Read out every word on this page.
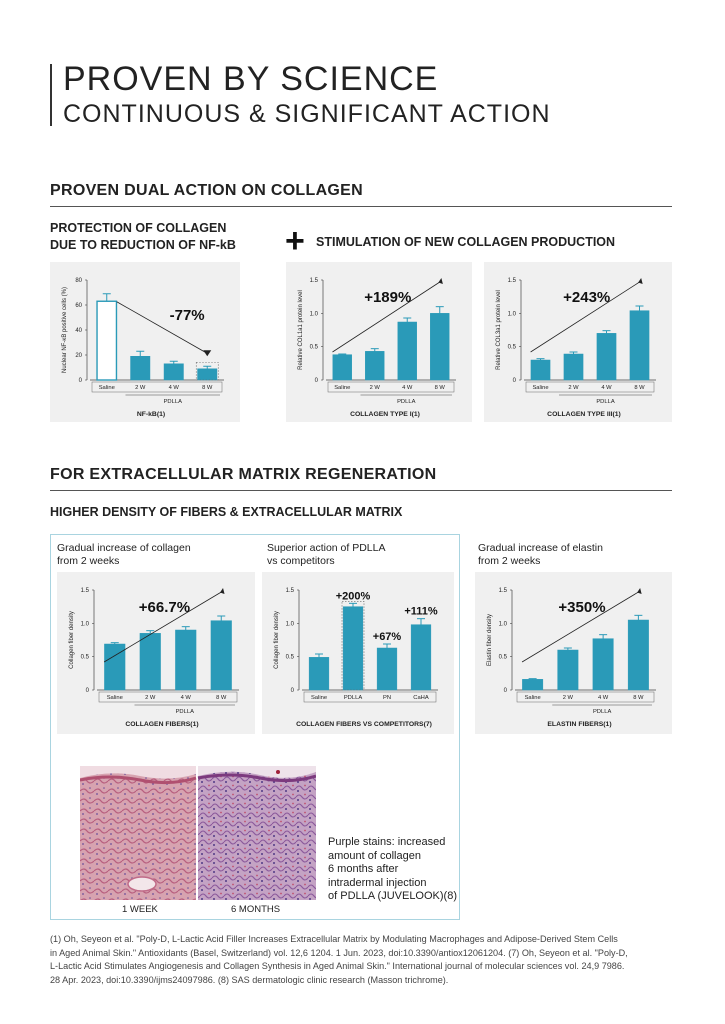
PROVEN BY SCIENCE
CONTINUOUS & SIGNIFICANT ACTION
PROVEN DUAL ACTION ON COLLAGEN
PROTECTION OF COLLAGEN
DUE TO REDUCTION OF NF-kB + STIMULATION OF NEW COLLAGEN PRODUCTION
Nuclear NF-κB positive cells (%)
0
20
40
60
80
Saline	2 W	4 W	8 W
PDLLA
NF-kB(1)
-77%	Relative COL1a1 protein level
0
0.5
1.0
1.5
Saline	2 W	4 W	8 W
PDLLA
COLLAGEN TYPE I(1)
+189%	Relative COL3a1 protein level
0
0.5
1.0
1.5
Saline	2 W	4 W	8 W
PDLLA
COLLAGEN TYPE III(1)
+243%
FOR EXTRACELLULAR MATRIX REGENERATION
HIGHER DENSITY OF FIBERS & EXTRACELLULAR MATRIX
Gradual increase of collagen
from 2 weeks
Superior action of PDLLA
vs competitors
Gradual increase of elastin
from 2 weeks
Collagen fiber density
0
0.5
1.0
1.5
Saline	2 W	4 W	8 W
PDLLA
COLLAGEN FIBERS(1)
+66.7%
Collagen fiber density
0
0.5
1.0
1.5
Saline	PDLLA	PN	CaHA
COLLAGEN FIBERS VS COMPETITORS(7)
+200%
+67%
+111%
Elastin fiber density
0
0.5
1.0
1.5
Saline	2 W	4 W	8 W
PDLLA
ELASTIN FIBERS(1)
+350%
1 WEEK	6 MONTHS
Purple stains: increased
amount of collagen
6 months after
intradermal injection
of PDLLA (JUVELOOK)(8)
(1) Oh, Seyeon et al. "Poly-D, L-Lactic Acid Filler Increases Extracellular Matrix by Modulating Macrophages and Adipose-Derived Stem Cells
in Aged Animal Skin." Antioxidants (Basel, Switzerland) vol. 12,6 1204. 1 Jun. 2023, doi:10.3390/antiox12061204. (7) Oh, Seyeon et al. "Poly-D,
L-Lactic Acid Stimulates Angiogenesis and Collagen Synthesis in Aged Animal Skin." International journal of molecular sciences vol. 24,9 7986.
28 Apr. 2023, doi:10.3390/ijms24097986. (8) SAS dermatologic clinic research (Masson trichrome).
